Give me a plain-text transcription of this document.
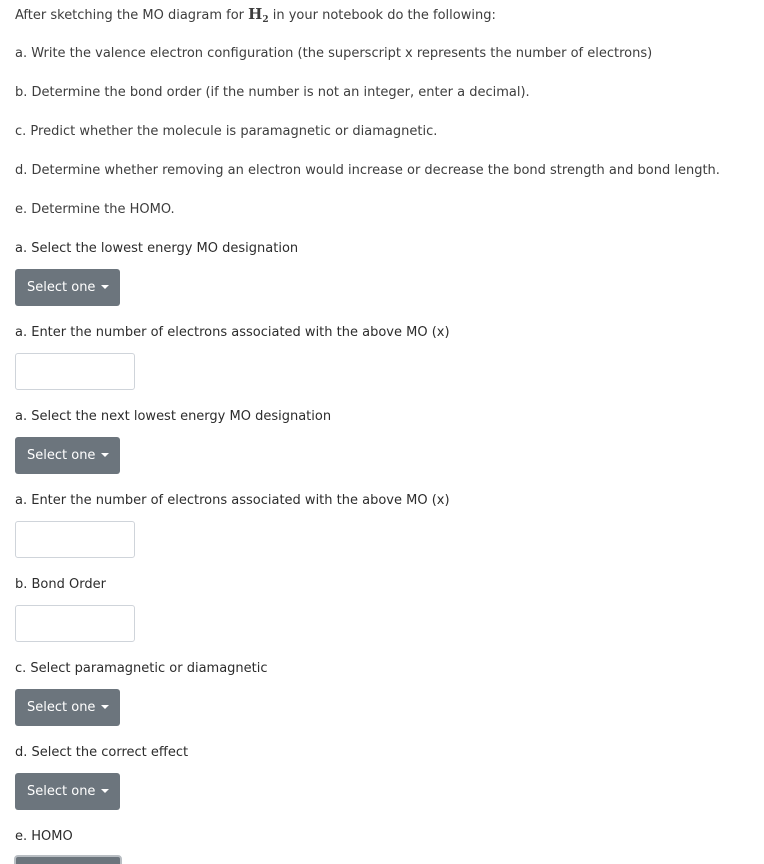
After sketching the MO diagram for $H_2$ in your notebook do the following:
a. Write the valence electron configuration (the superscript x represents the number of electrons)
b. Determine the bond order (if the number is not an integer, enter a decimal).
c. Predict whether the molecule is paramagnetic or diamagnetic.
d. Determine whether removing an electron would increase or decrease the bond strength and bond length.
e. Determine the HOMO.
a. Select the lowest energy MO designation
Select one
a. Enter the number of electrons associated with the above MO (x)
a. Select the next lowest energy MO designation
Select one
a. Enter the number of electrons associated with the above MO (x)
b. Bond Order
c. Select paramagnetic or diamagnetic
Select one
d. Select the correct effect
Select one
e. HOMO
